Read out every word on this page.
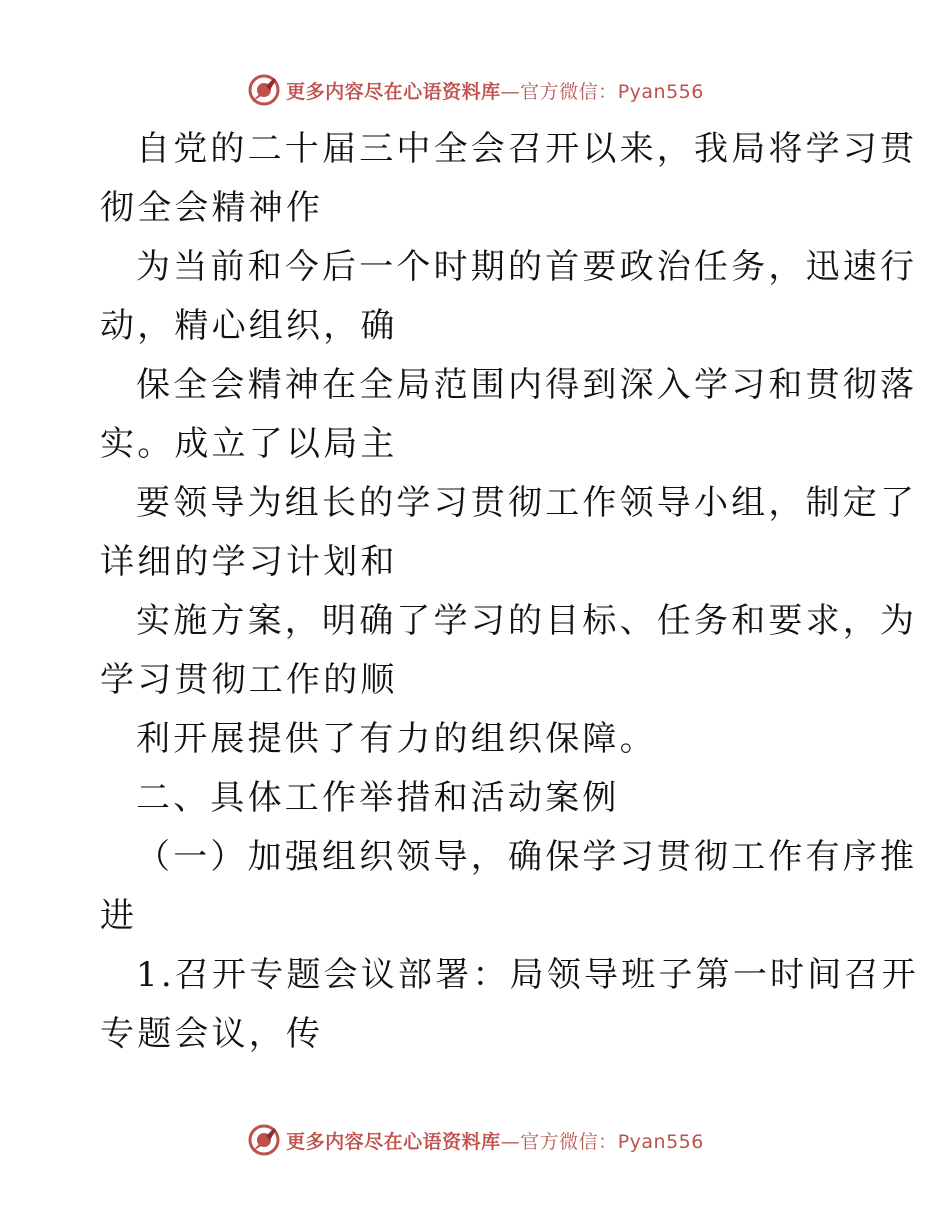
更多内容尽在心语资料库—官方微信：Pyan556
自党的二十届三中全会召开以来，我局将学习贯
彻全会精神作
为当前和今后一个时期的首要政治任务，迅速行
动，精心组织，确
保全会精神在全局范围内得到深入学习和贯彻落
实。成立了以局主
要领导为组长的学习贯彻工作领导小组，制定了
详细的学习计划和
实施方案，明确了学习的目标、任务和要求，为
学习贯彻工作的顺
利开展提供了有力的组织保障。
二、具体工作举措和活动案例
（一）加强组织领导，确保学习贯彻工作有序推
进
1.召开专题会议部署：局领导班子第一时间召开
专题会议，传
更多内容尽在心语资料库—官方微信：Pyan556
